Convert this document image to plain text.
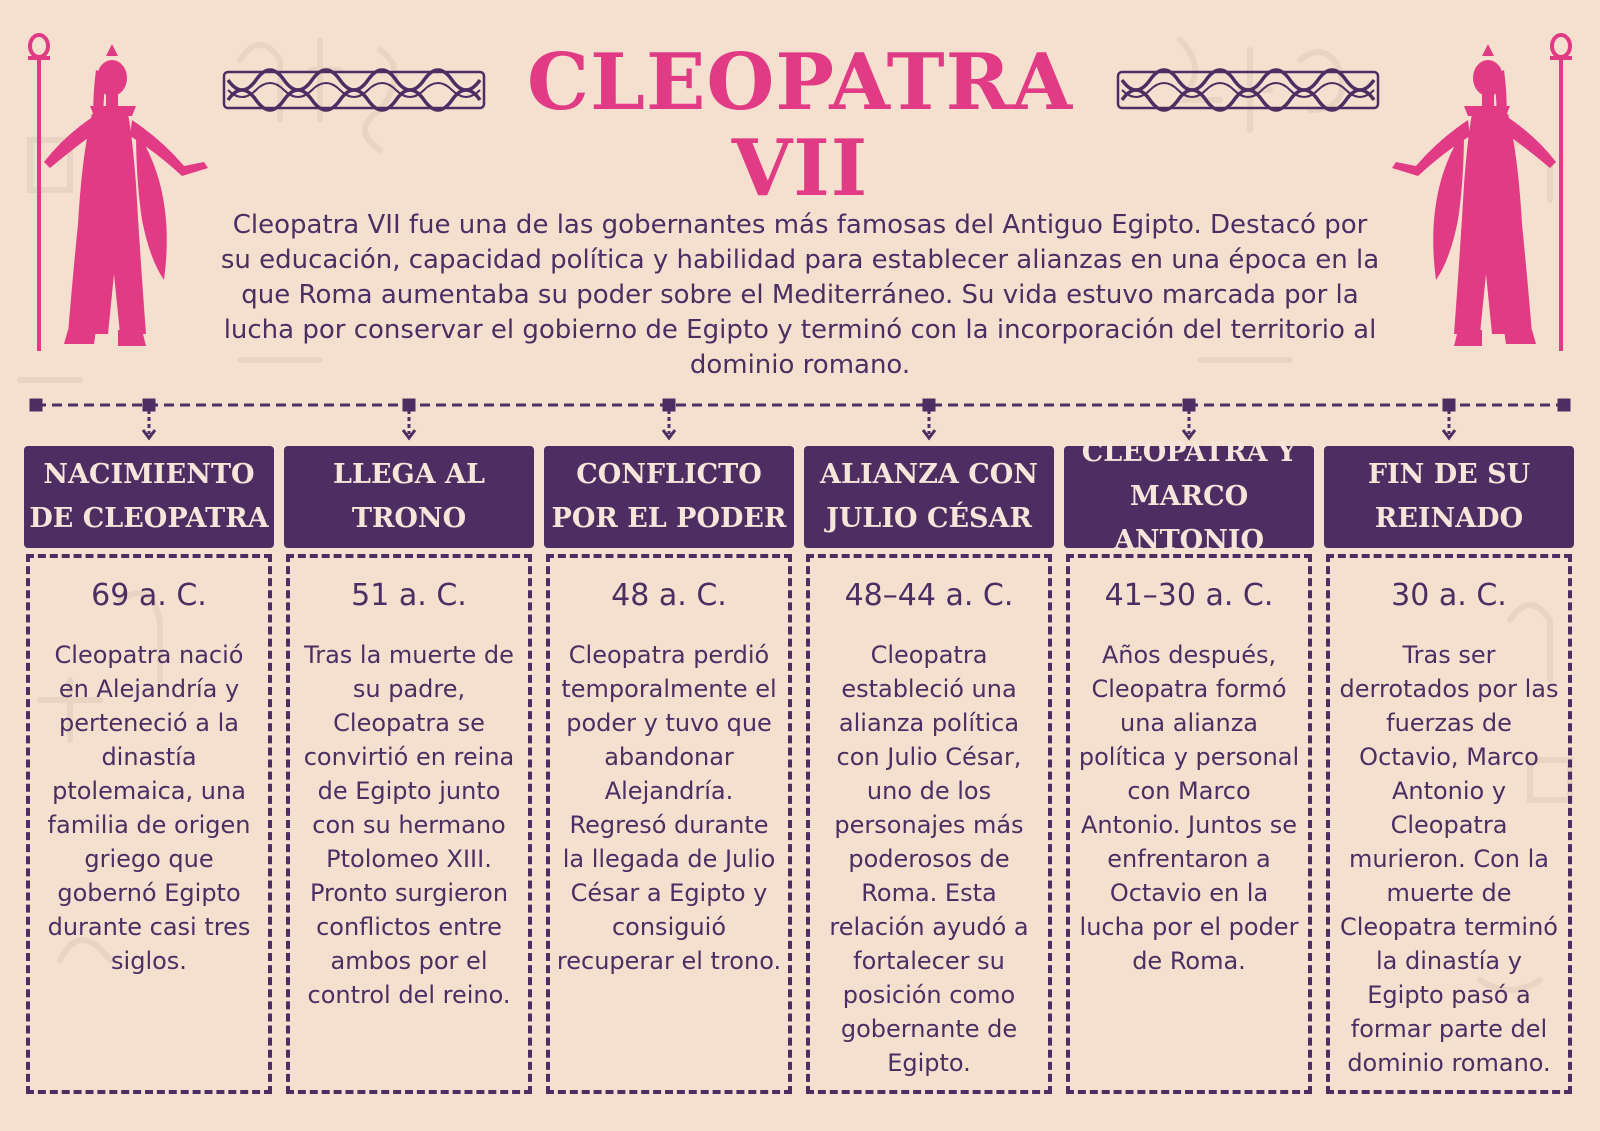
CLEOPATRA VII

Cleopatra VII fue una de las gobernantes más famosas del Antiguo Egipto. Destacó por su educación, capacidad política y habilidad para establecer alianzas en una época en la que Roma aumentaba su poder sobre el Mediterráneo. Su vida estuvo marcada por la lucha por conservar el gobierno de Egipto y terminó con la incorporación del territorio al dominio romano.

NACIMIENTO DE CLEOPATRA
69 a. C.
Cleopatra nació en Alejandría y perteneció a la dinastía ptolemaica, una familia de origen griego que gobernó Egipto durante casi tres siglos.
LLEGA AL TRONO
51 a. C.
Tras la muerte de su padre, Cleopatra se convirtió en reina de Egipto junto con su hermano Ptolomeo XIII. Pronto surgieron conflictos entre ambos por el control del reino.
CONFLICTO POR EL PODER
48 a. C.
Cleopatra perdió temporalmente el poder y tuvo que abandonar Alejandría. Regresó durante la llegada de Julio César a Egipto y consiguió recuperar el trono.
ALIANZA CON JULIO CÉSAR
48–44 a. C.
Cleopatra estableció una alianza política con Julio César, uno de los personajes más poderosos de Roma. Esta relación ayudó a fortalecer su posición como gobernante de Egipto.
CLEOPATRA Y MARCO ANTONIO
41–30 a. C.
Años después, Cleopatra formó una alianza política y personal con Marco Antonio. Juntos se enfrentaron a Octavio en la lucha por el poder de Roma.
FIN DE SU REINADO
30 a. C.
Tras ser derrotados por las fuerzas de Octavio, Marco Antonio y Cleopatra murieron. Con la muerte de Cleopatra terminó la dinastía y Egipto pasó a formar parte del dominio romano.
